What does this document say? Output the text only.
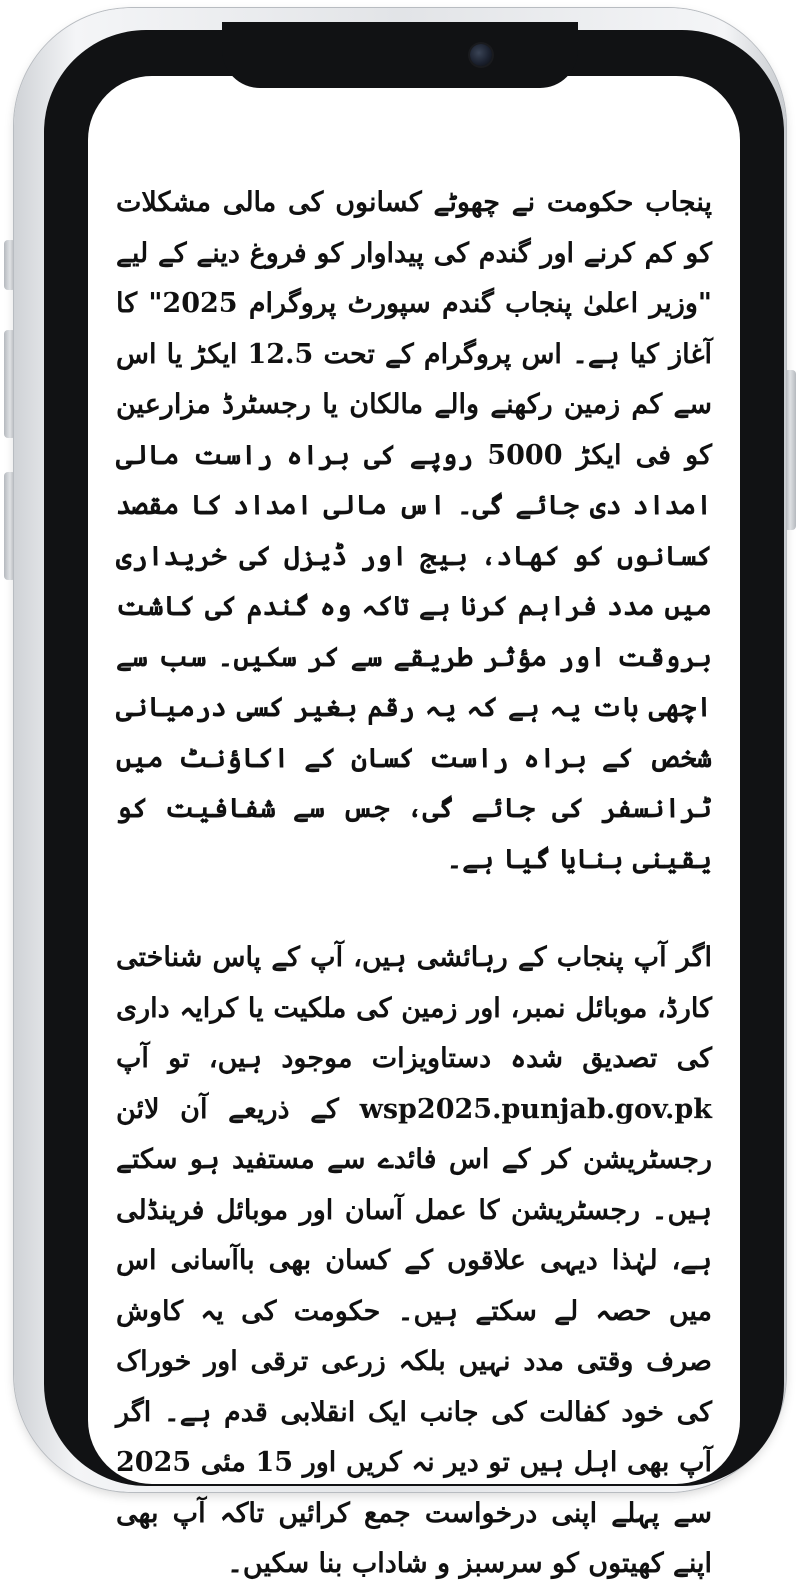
پنجاب حکومت نے چھوٹے کسانوں کی مالی مشکلات کو کم کرنے اور گندم کی پیداوار کو فروغ دینے کے لیے "وزیر اعلیٰ پنجاب گندم سپورٹ پروگرام 2025" کا آغاز کیا ہے۔ اس پروگرام کے تحت 12.5 ایکڑ یا اس سے کم زمین رکھنے والے مالکان یا رجسٹرڈ مزارعین کو فی ایکڑ 5000 روپے کی براہ راست مالی امداد دی جائے گی۔ اس مالی امداد کا مقصد کسانوں کو کھاد، بیج اور ڈیزل کی خریداری میں مدد فراہم کرنا ہے تاکہ وہ گندم کی کاشت بروقت اور مؤثر طریقے سے کر سکیں۔ سب سے اچھی بات یہ ہے کہ یہ رقم بغیر کسی درمیانی شخص کے براہ راست کسان کے اکاؤنٹ میں ٹرانسفر کی جائے گی، جس سے شفافیت کو یقینی بنایا گیا ہے۔

اگر آپ پنجاب کے رہائشی ہیں، آپ کے پاس شناختی کارڈ، موبائل نمبر، اور زمین کی ملکیت یا کرایہ داری کی تصدیق شدہ دستاویزات موجود ہیں، تو آپ wsp2025.punjab.gov.pk کے ذریعے آن لائن رجسٹریشن کر کے اس فائدے سے مستفید ہو سکتے ہیں۔ رجسٹریشن کا عمل آسان اور موبائل فرینڈلی ہے، لہٰذا دیہی علاقوں کے کسان بھی باآسانی اس میں حصہ لے سکتے ہیں۔ حکومت کی یہ کاوش صرف وقتی مدد نہیں بلکہ زرعی ترقی اور خوراک کی خود کفالت کی جانب ایک انقلابی قدم ہے۔ اگر آپ بھی اہل ہیں تو دیر نہ کریں اور 15 مئی 2025 سے پہلے اپنی درخواست جمع کرائیں تاکہ آپ بھی اپنے کھیتوں کو سرسبز و شاداب بنا سکیں۔
